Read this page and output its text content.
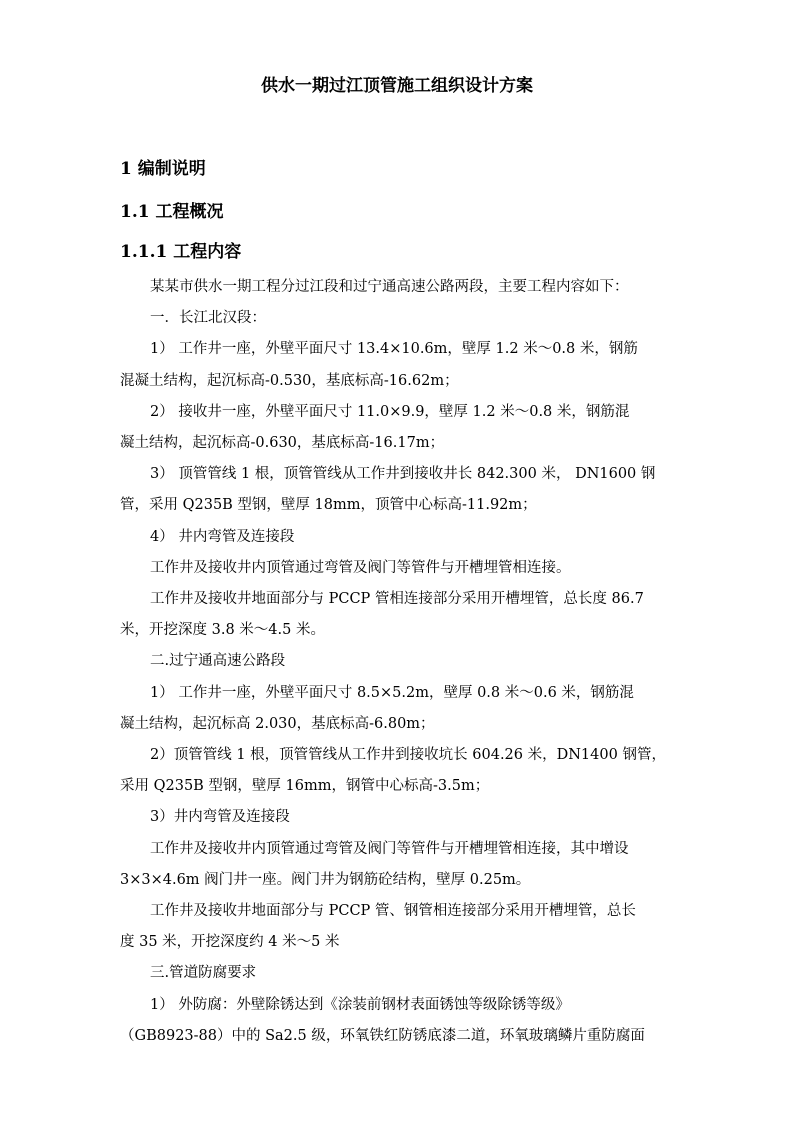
供水一期过江顶管施工组织设计方案
1 编制说明
1.1 工程概况
1.1.1 工程内容

某某市供水一期工程分过江段和过宁通高速公路两段，主要工程内容如下：

一．长江北汉段：

1） 工作井一座，外壁平面尺寸 13.4×10.6m，壁厚 1.2 米～0.8 米，钢筋

混凝土结构，起沉标高-0.530，基底标高-16.62m；

2） 接收井一座，外壁平面尺寸 11.0×9.9，壁厚 1.2 米～0.8 米，钢筋混

凝土结构，起沉标高-0.630，基底标高-16.17m；

3） 顶管管线 1 根，顶管管线从工作井到接收井长 842.300 米， DN1600 钢

管，采用 Q235B 型钢，壁厚 18mm，顶管中心标高-11.92m；

4） 井内弯管及连接段

工作井及接收井内顶管通过弯管及阀门等管件与开槽埋管相连接。

工作井及接收井地面部分与 PCCP 管相连接部分采用开槽埋管，总长度 86.7

米，开挖深度 3.8 米～4.5 米。

二.过宁通高速公路段

1） 工作井一座，外壁平面尺寸 8.5×5.2m，壁厚 0.8 米～0.6 米，钢筋混

凝土结构，起沉标高 2.030，基底标高-6.80m；

2）顶管管线 1 根，顶管管线从工作井到接收坑长 604.26 米，DN1400 钢管，

采用 Q235B 型钢，壁厚 16mm，钢管中心标高-3.5m；

3）井内弯管及连接段

工作井及接收井内顶管通过弯管及阀门等管件与开槽埋管相连接，其中增设

3×3×4.6m 阀门井一座。阀门井为钢筋砼结构，壁厚 0.25m。

工作井及接收井地面部分与 PCCP 管、钢管相连接部分采用开槽埋管，总长

度 35 米，开挖深度约 4 米～5 米

三.管道防腐要求

1） 外防腐：外壁除锈达到《涂装前钢材表面锈蚀等级除锈等级》

（GB8923-88）中的 Sa2.5 级，环氧铁红防锈底漆二道，环氧玻璃鳞片重防腐面
